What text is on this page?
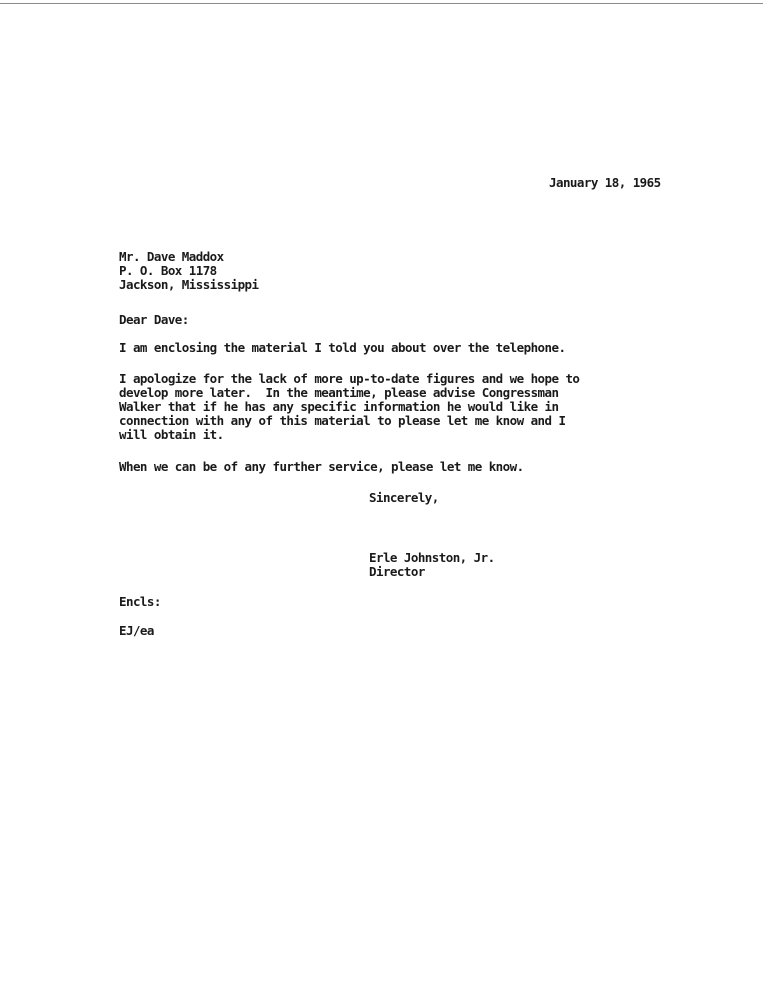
January 18, 1965
Mr. Dave Maddox
P. O. Box 1178
Jackson, Mississippi
Dear Dave:
I am enclosing the material I told you about over the telephone.
I apologize for the lack of more up-to-date figures and we hope to
develop more later.  In the meantime, please advise Congressman
Walker that if he has any specific information he would like in
connection with any of this material to please let me know and I
will obtain it.
When we can be of any further service, please let me know.
Sincerely,
Erle Johnston, Jr.
Director
Encls:
EJ/ea
